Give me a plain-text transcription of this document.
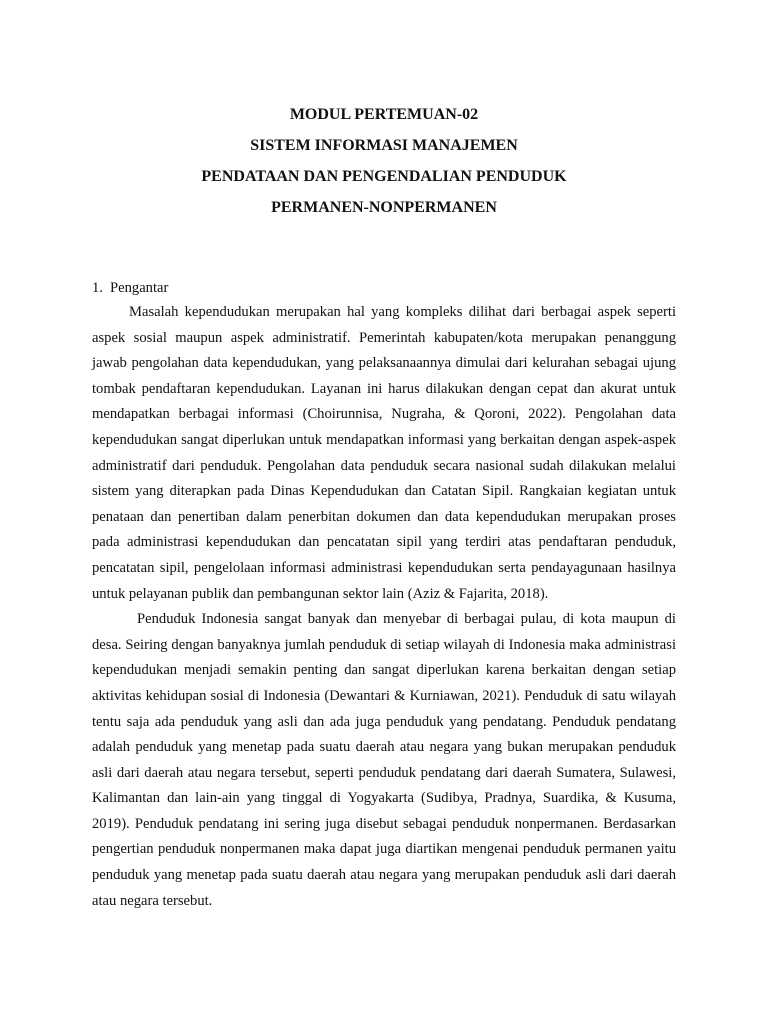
MODUL PERTEMUAN-02
SISTEM INFORMASI MANAJEMEN
PENDATAAN DAN PENGENDALIAN PENDUDUK
PERMANEN-NONPERMANEN
1. Pengantar

Masalah kependudukan merupakan hal yang kompleks dilihat dari berbagai aspek seperti aspek sosial maupun aspek administratif. Pemerintah kabupaten/kota merupakan penanggung jawab pengolahan data kependudukan, yang pelaksanaannya dimulai dari kelurahan sebagai ujung tombak pendaftaran kependudukan. Layanan ini harus dilakukan dengan cepat dan akurat untuk mendapatkan berbagai informasi (Choirunnisa, Nugraha, & Qoroni, 2022). Pengolahan data kependudukan sangat diperlukan untuk mendapatkan informasi yang berkaitan dengan aspek-aspek administratif dari penduduk. Pengolahan data penduduk secara nasional sudah dilakukan melalui sistem yang diterapkan pada Dinas Kependudukan dan Catatan Sipil. Rangkaian kegiatan untuk penataan dan penertiban dalam penerbitan dokumen dan data kependudukan merupakan proses pada administrasi kependudukan dan pencatatan sipil yang terdiri atas pendaftaran penduduk, pencatatan sipil, pengelolaan informasi administrasi kependudukan serta pendayagunaan hasilnya untuk pelayanan publik dan pembangunan sektor lain (Aziz & Fajarita, 2018).

Penduduk Indonesia sangat banyak dan menyebar di berbagai pulau, di kota maupun di desa. Seiring dengan banyaknya jumlah penduduk di setiap wilayah di Indonesia maka administrasi kependudukan menjadi semakin penting dan sangat diperlukan karena berkaitan dengan setiap aktivitas kehidupan sosial di Indonesia (Dewantari & Kurniawan, 2021). Penduduk di satu wilayah tentu saja ada penduduk yang asli dan ada juga penduduk yang pendatang. Penduduk pendatang adalah penduduk yang menetap pada suatu daerah atau negara yang bukan merupakan penduduk asli dari daerah atau negara tersebut, seperti penduduk pendatang dari daerah Sumatera, Sulawesi, Kalimantan dan lain-ain yang tinggal di Yogyakarta (Sudibya, Pradnya, Suardika, & Kusuma, 2019). Penduduk pendatang ini sering juga disebut sebagai penduduk nonpermanen. Berdasarkan pengertian penduduk nonpermanen maka dapat juga diartikan mengenai penduduk permanen yaitu penduduk yang menetap pada suatu daerah atau negara yang merupakan penduduk asli dari daerah atau negara tersebut.
